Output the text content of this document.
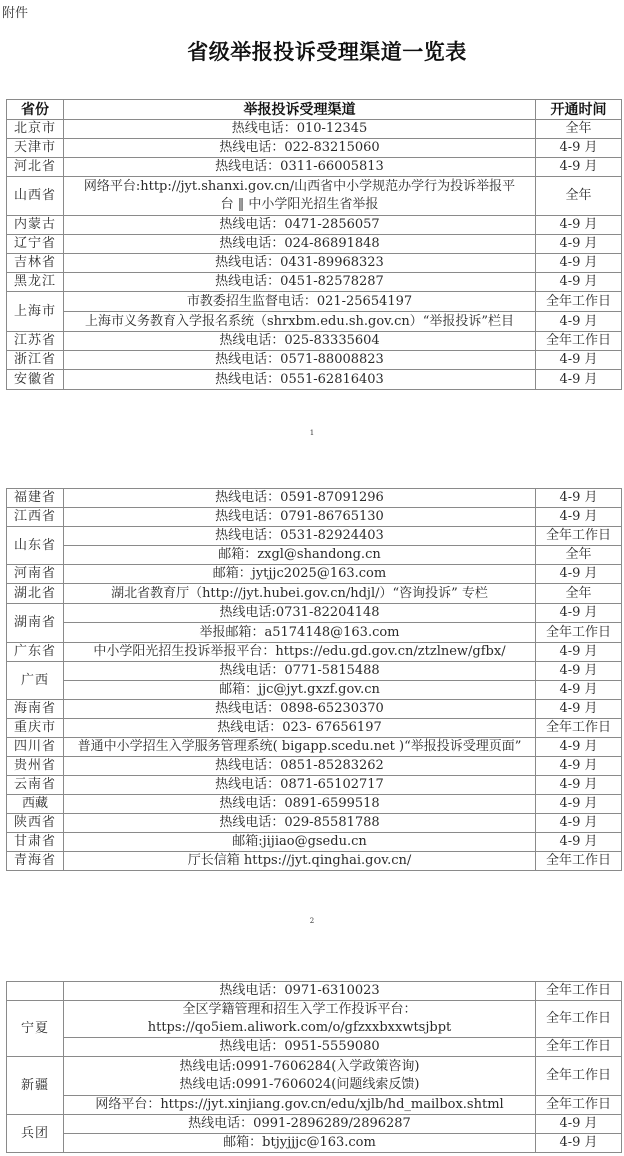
附件
省级举报投诉受理渠道一览表
省份	举报投诉受理渠道	开通时间
北京市	热线电话：010-12345	全年
天津市	热线电话：022-83215060	4-9 月
河北省	热线电话：0311-66005813	4-9 月
山西省	网络平台:http://jyt.shanxi.gov.cn/山西省中小学规范办学行为投诉举报平
台 ‖ 中小学阳光招生省举报	全年
内蒙古	热线电话：0471-2856057	4-9 月
辽宁省	热线电话：024-86891848	4-9 月
吉林省	热线电话：0431-89968323	4-9 月
黑龙江	热线电话：0451-82578287	4-9 月
上海市	市教委招生监督电话：021-25654197	全年工作日
	上海市义务教育入学报名系统（shrxbm.edu.sh.gov.cn）“举报投诉”栏目	4-9 月
江苏省	热线电话：025-83335604	全年工作日
浙江省	热线电话：0571-88008823	4-9 月
安徽省	热线电话：0551-62816403	4-9 月
1
福建省	热线电话：0591-87091296	4-9 月
江西省	热线电话：0791-86765130	4-9 月
山东省	热线电话：0531-82924403	全年工作日
	邮箱：zxgl@shandong.cn	全年
河南省	邮箱：jytjjc2025@163.com	4-9 月
湖北省	湖北省教育厅（http://jyt.hubei.gov.cn/hdjl/）“咨询投诉” 专栏	全年
湖南省	热线电话:0731-82204148	4-9 月
	举报邮箱：a5174148@163.com	全年工作日
广东省	中小学阳光招生投诉举报平台：https://edu.gd.gov.cn/ztzlnew/gfbx/	4-9 月
广西	热线电话：0771-5815488	4-9 月
	邮箱：jjc@jyt.gxzf.gov.cn	4-9 月
海南省	热线电话：0898-65230370	4-9 月
重庆市	热线电话：023- 67656197	全年工作日
四川省	普通中小学招生入学服务管理系统( bigapp.scedu.net )“举报投诉受理页面”	4-9 月
贵州省	热线电话：0851-85283262	4-9 月
云南省	热线电话：0871-65102717	4-9 月
西藏	热线电话：0891-6599518	4-9 月
陕西省	热线电话：029-85581788	4-9 月
甘肃省	邮箱:jijiao@gsedu.cn	4-9 月
青海省	厅长信箱 https://jyt.qinghai.gov.cn/	全年工作日
2
	热线电话：0971-6310023	全年工作日
宁夏	全区学籍管理和招生入学工作投诉平台：
https://qo5iem.aliwork.com/o/gfzxxbxxwtsjbpt	全年工作日
	热线电话：0951-5559080	全年工作日
新疆	热线电话:0991-7606284(入学政策咨询)
热线电话:0991-7606024(问题线索反馈)	全年工作日
	网络平台：https://jyt.xinjiang.gov.cn/edu/xjlb/hd_mailbox.shtml	全年工作日
兵团	热线电话：0991-2896289/2896287	4-9 月
	邮箱：btjyjjjc@163.com	4-9 月
